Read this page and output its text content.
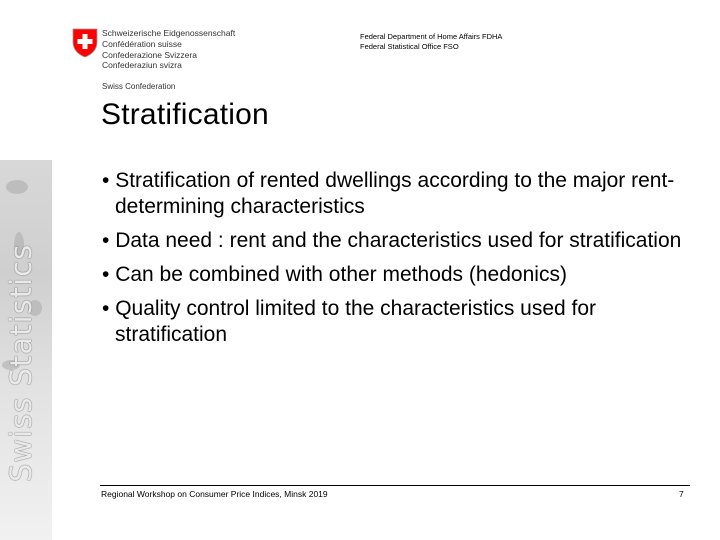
Swiss Statistics
Schweizerische Eidgenossenschaft
Confédération suisse
Confederazione Svizzera
Confederaziun svizra
Swiss Confederation
Federal Department of Home Affairs FDHA
Federal Statistical Office FSO
Stratification
• Stratification of rented dwellings according to the major rent-determining characteristics
• Data need : rent and the characteristics used for stratification
• Can be combined with other methods (hedonics)
• Quality control limited to the characteristics used for stratification
Regional Workshop on Consumer Price Indices, Minsk 2019	7
